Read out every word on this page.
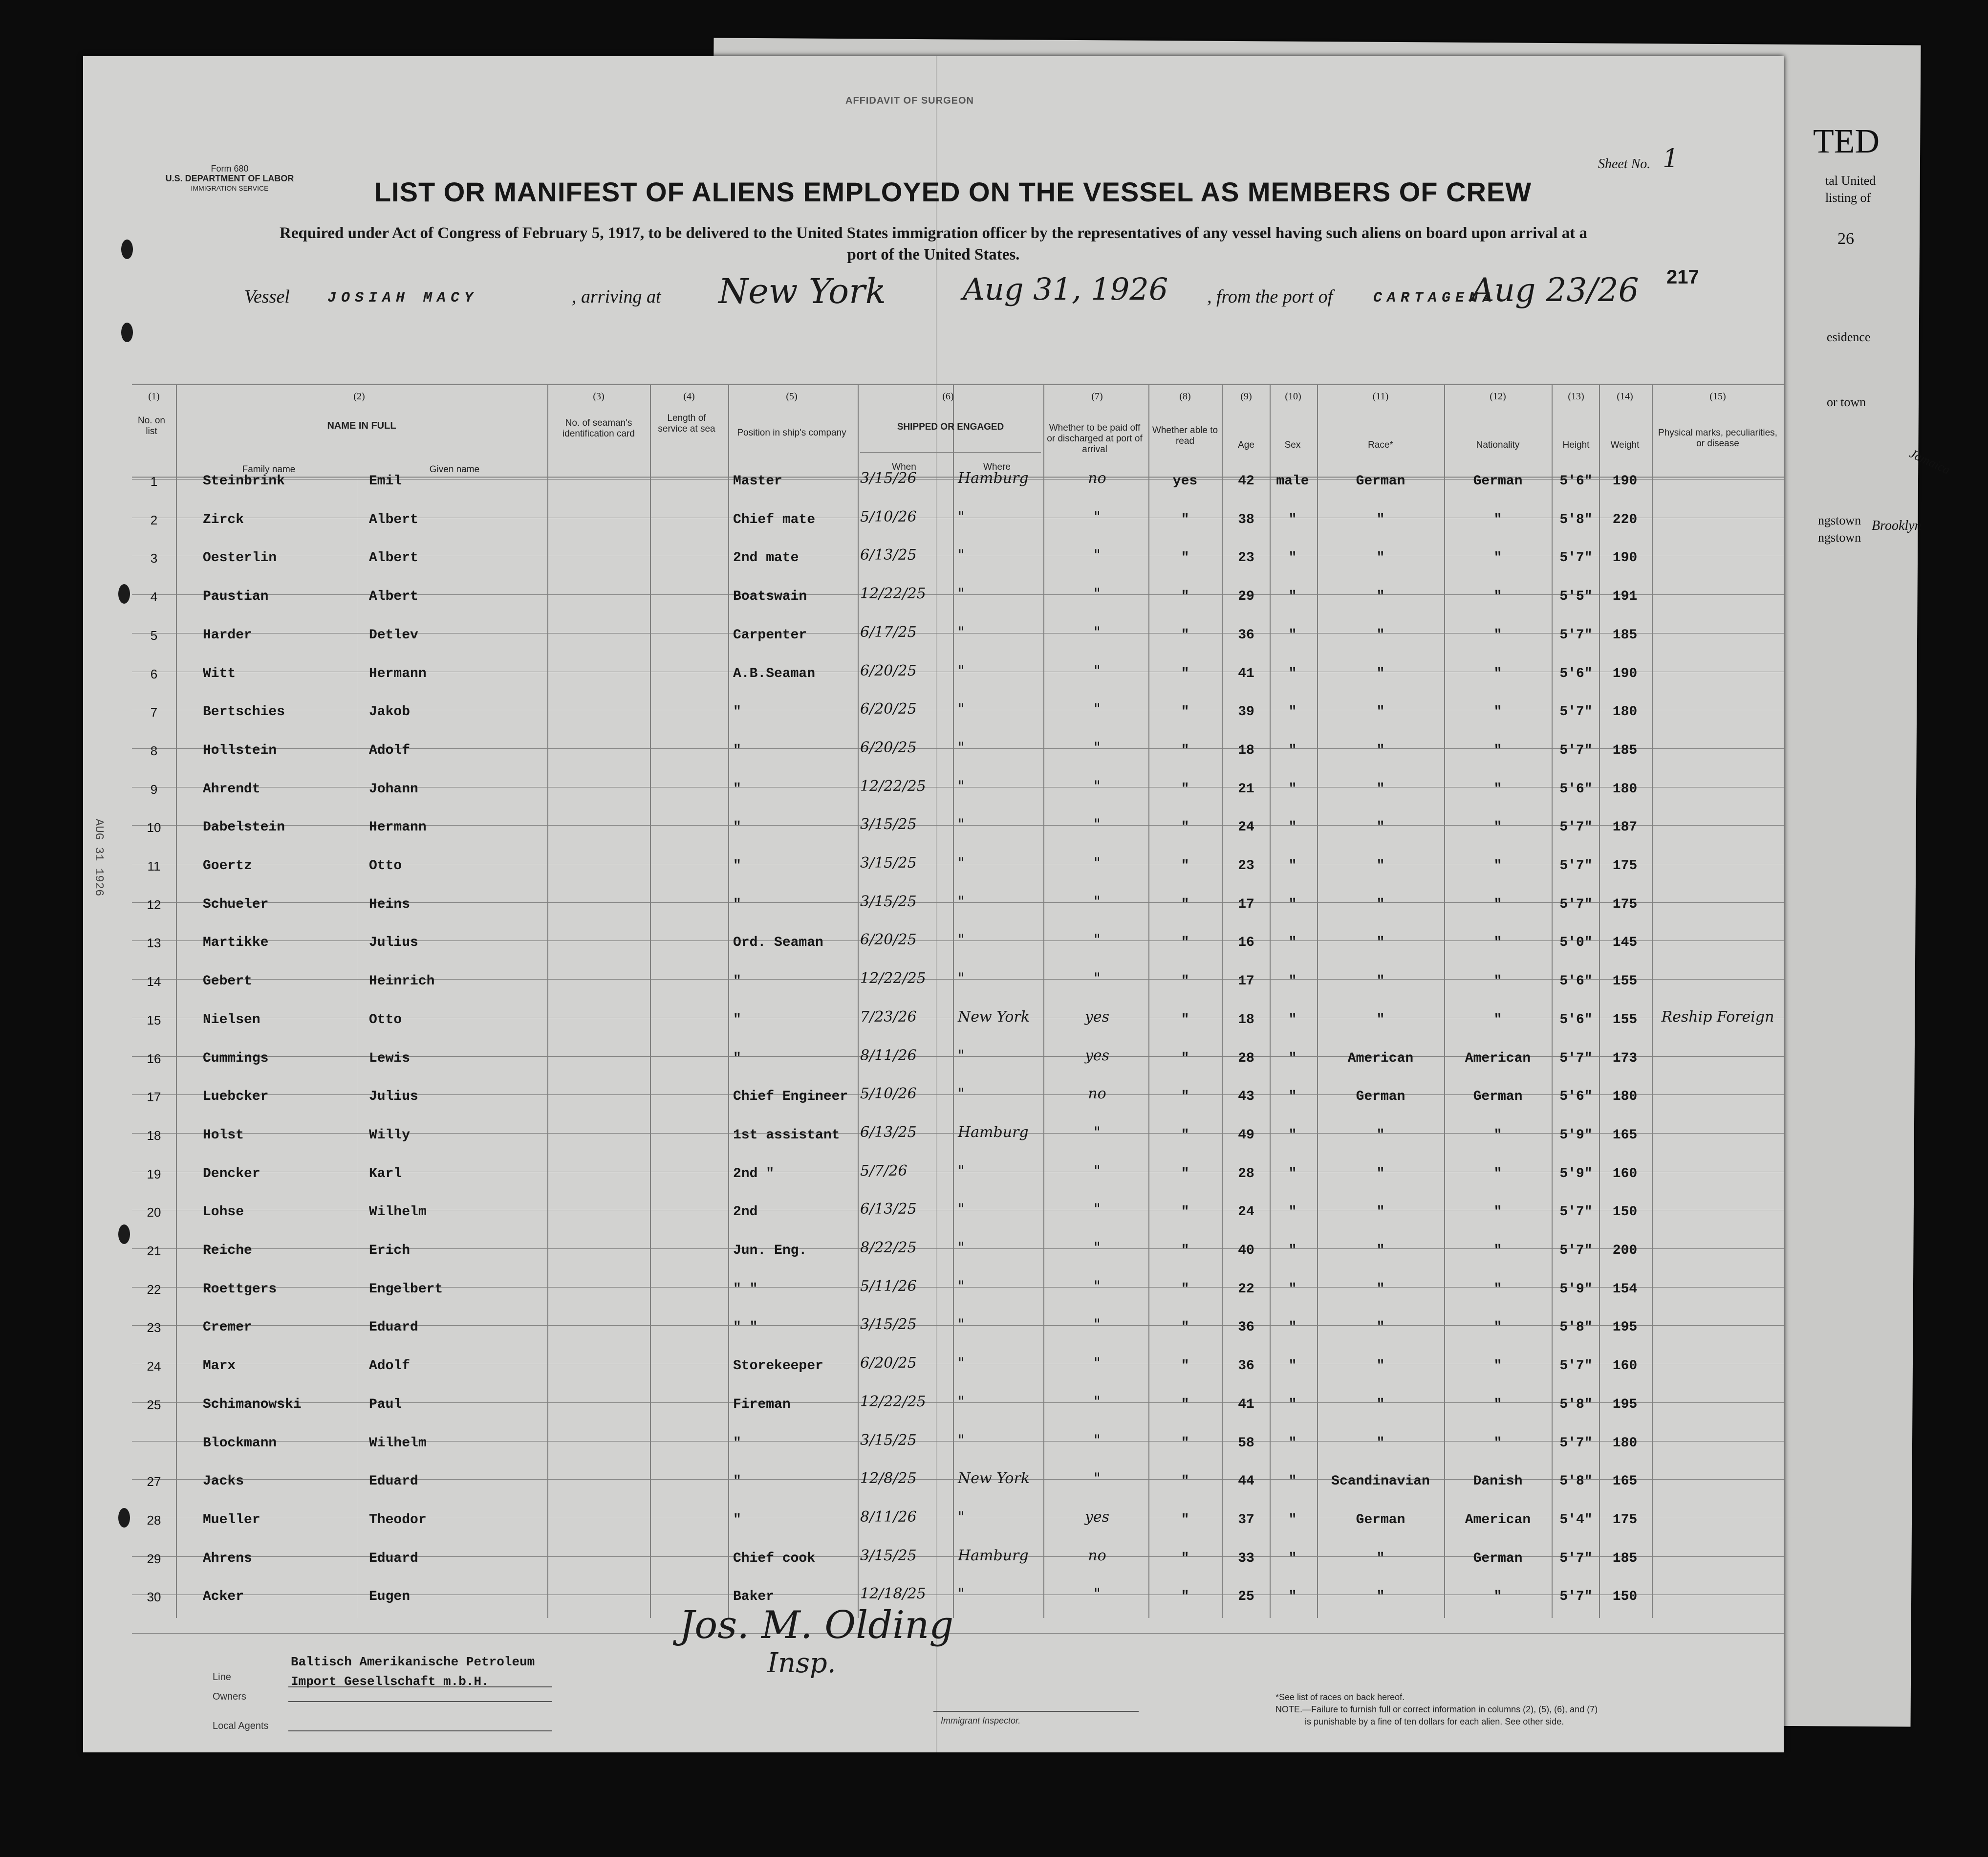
TED
tal United
listing of
26
esidence
or town
Jamaica
ngstown Brooklyn
ngstown
Form 680
U.S. DEPARTMENT OF LABOR
IMMIGRATION SERVICE
AFFIDAVIT OF SURGEON
Sheet No. 1
LIST OR MANIFEST OF ALIENS EMPLOYED ON THE VESSEL AS MEMBERS OF CREW
Required under Act of Congress of February 5, 1917, to be delivered to the United States immigration officer by the representatives of any vessel having such aliens on board upon arrival at a
port of the United States.
Vessel	JOSIAH MACY	, arriving at New York	Aug 31, 1926 , from the port of	CARTAGENA
Aug 23/26 217
(1)	(2)	(3)	(4)	(5)	(6)	(7)	(8)	(9)	(10)	(11)	(12)	(13)	(14)	(15)
No. on list
NAME IN FULL
Family name	Given name
No. of seaman's identification card
Length of service at sea	Position in ship's company
SHIPPED OR ENGAGED
When	Where
Whether to be paid off or discharged at port of arrival
Whether able to read	Age	Sex	Race*	Nationality	Height	Weight
Physical marks, peculiarities, or disease
1	Steinbrink	Emil	Master	3/15/26	Hamburg	no	yes	42	male	German	German	5'6"	190
2	Zirck	Albert	Chief mate	5/10/26	"	"	"	38	"	"	"	5'8"	220
3	Oesterlin	Albert	2nd mate	6/13/25	"	"	"	23	"	"	"	5'7"	190
4	Paustian	Albert	Boatswain	12/22/25	"	"	"	29	"	"	"	5'5"	191
5	Harder	Detlev	Carpenter	6/17/25	"	"	"	36	"	"	"	5'7"	185
6	Witt	Hermann	A.B.Seaman	6/20/25	"	"	"	41	"	"	"	5'6"	190
7	Bertschies	Jakob	"	6/20/25	"	"	"	39	"	"	"	5'7"	180
8	Hollstein	Adolf	"	6/20/25	"	"	"	18	"	"	"	5'7"	185
9	Ahrendt	Johann	"	12/22/25	"	"	"	21	"	"	"	5'6"	180
10	Dabelstein	Hermann	"	3/15/25	"	"	"	24	"	"	"	5'7"	187
11	Goertz	Otto	"	3/15/25	"	"	"	23	"	"	"	5'7"	175
12	Schueler	Heins	"	3/15/25	"	"	"	17	"	"	"	5'7"	175
13	Martikke	Julius	Ord. Seaman	6/20/25	"	"	"	16	"	"	"	5'0"	145
14	Gebert	Heinrich	"	12/22/25	"	"	"	17	"	"	"	5'6"	155
15	Nielsen	Otto	"	7/23/26	New York	yes	"	18	"	"	"	5'6"	155	Reship Foreign
16	Cummings	Lewis	"	8/11/26	"	yes	"	28	"	American	American	5'7"	173
17	Luebcker	Julius	Chief Engineer 5/10/26	"	no	"	43	"	German	German	5'6"	180
18	Holst	Willy	1st assistant	6/13/25	Hamburg	"	"	49	"	"	"	5'9"	165
19	Dencker	Karl	2nd "	5/7/26	"	"	"	28	"	"	"	5'9"	160
20	Lohse	Wilhelm	2nd	6/13/25	"	"	"	24	"	"	"	5'7"	150
21	Reiche	Erich	Jun. Eng.	8/22/25	"	"	"	40	"	"	"	5'7"	200
22	Roettgers	Engelbert	" "	5/11/26	"	"	"	22	"	"	"	5'9"	154
23	Cremer	Eduard	" "	3/15/25	"	"	"	36	"	"	"	5'8"	195
24	Marx	Adolf	Storekeeper	6/20/25	"	"	"	36	"	"	"	5'7"	160
25	Schimanowski	Paul	Fireman	12/22/25	"	"	"	41	"	"	"	5'8"	195
Blockmann	Wilhelm	"	3/15/25	"	"	"	58	"	"	"	5'7"	180
27	Jacks	Eduard	"	12/8/25	New York	"	"	44	"	Scandinavian	Danish	5'8"	165
28	Mueller	Theodor	"	8/11/26	"	yes	"	37	"	German	American	5'4"	175
29	Ahrens	Eduard	Chief cook	3/15/25	Hamburg	no	"	33	"	"	German	5'7"	185
30	Acker	Eugen	Baker	12/18/25	"	"	"	25	"	"	"	5'7"	150
Line
Owners
Local Agents
Baltisch Amerikanische Petroleum
Import Gesellschaft m.b.H.
Jos. M. Olding
Insp.
Immigrant Inspector.
*See list of races on back hereof.
NOTE.—Failure to furnish full or correct information in columns (2), (5), (6), and (7)
is punishable by a fine of ten dollars for each alien. See other side.
AUG 31 1926
